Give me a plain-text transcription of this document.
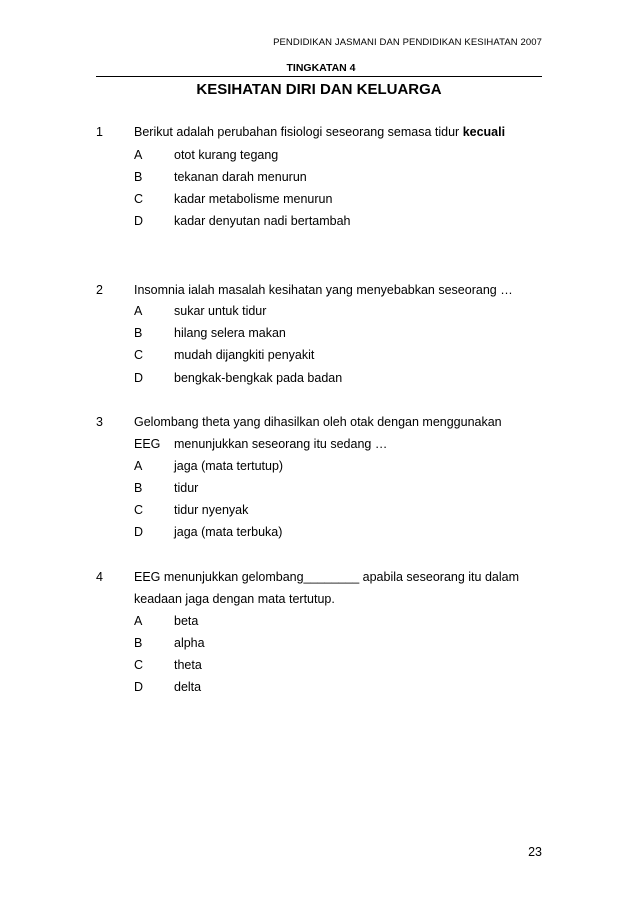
PENDIDIKAN JASMANI DAN PENDIDIKAN KESIHATAN 2007
TINGKATAN 4
KESIHATAN DIRI DAN KELUARGA
1 Berikut adalah perubahan fisiologi seseorang semasa tidur kecuali
A	otot kurang tegang
B	tekanan darah menurun
C kadar metabolisme menurun
D kadar denyutan nadi bertambah
2 Insomnia ialah masalah kesihatan yang menyebabkan seseorang …
A	sukar untuk tidur
B	hilang selera makan
C mudah dijangkiti penyakit
D bengkak-bengkak pada badan
3 Gelombang theta yang dihasilkan oleh otak dengan menggunakan
EEG menunjukkan seseorang itu sedang …
A	jaga (mata tertutup)
B	tidur
C tidur nyenyak
D jaga (mata terbuka)
4 EEG menunjukkan gelombang________ apabila seseorang itu dalam
keadaan jaga dengan mata tertutup.
A	beta
B	alpha
C theta
D delta
23
